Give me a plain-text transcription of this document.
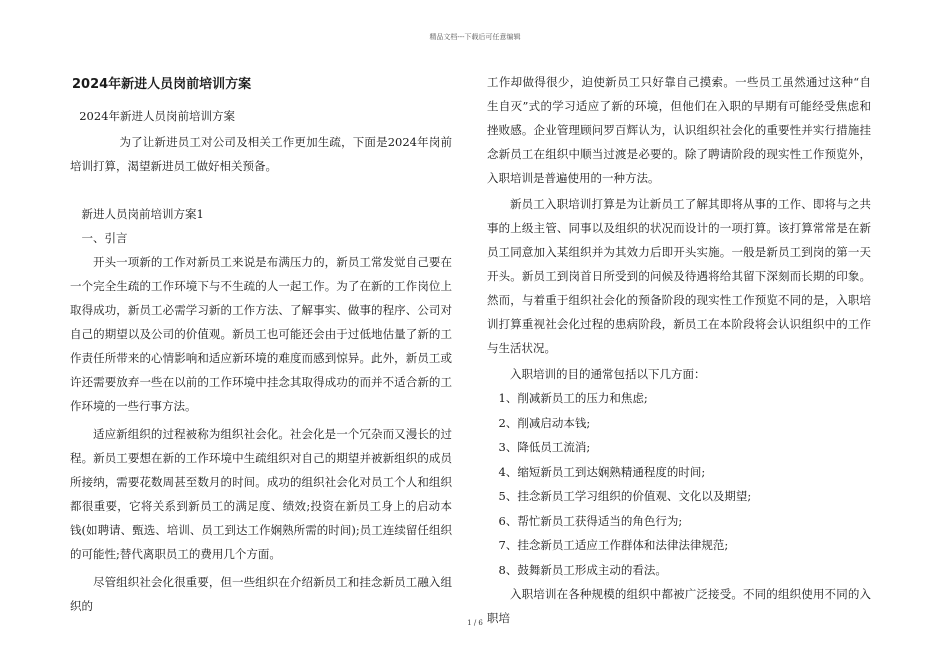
精品文档---下载后可任意编辑
2024年新进人员岗前培训方案

2024年新进人员岗前培训方案

为了让新进员工对公司及相关工作更加生疏，下面是2024年岗前培训打算，渴望新进员工做好相关预备。

新进人员岗前培训方案1

一、引言

开头一项新的工作对新员工来说是布满压力的，新员工常发觉自己要在一个完全生疏的工作环境下与不生疏的人一起工作。为了在新的工作岗位上取得成功，新员工必需学习新的工作方法、了解事实、做事的程序、公司对自己的期望以及公司的价值观。新员工也可能还会由于过低地估量了新的工作责任所带来的心情影响和适应新环境的难度而感到惊异。此外，新员工或许还需要放弃一些在以前的工作环境中挂念其取得成功的而并不适合新的工作环境的一些行事方法。

适应新组织的过程被称为组织社会化。社会化是一个冗杂而又漫长的过程。新员工要想在新的工作环境中生疏组织对自己的期望并被新组织的成员所接纳，需要花数周甚至数月的时间。成功的组织社会化对员工个人和组织都很重要，它将关系到新员工的满足度、绩效;投资在新员工身上的启动本钱(如聘请、甄选、培训、员工到达工作娴熟所需的时间);员工连续留任组织的可能性;替代离职员工的费用几个方面。

尽管组织社会化很重要，但一些组织在介绍新员工和挂念新员工融入组织的

工作却做得很少，迫使新员工只好靠自己摸索。一些员工虽然通过这种“自生自灭”式的学习适应了新的环境，但他们在入职的早期有可能经受焦虑和挫败感。企业管理顾问罗百辉认为，认识组织社会化的重要性并实行措施挂念新员工在组织中顺当过渡是必要的。除了聘请阶段的现实性工作预览外，入职培训是普遍使用的一种方法。

新员工入职培训打算是为让新员工了解其即将从事的工作、即将与之共事的上级主管、同事以及组织的状况而设计的一项打算。该打算常常是在新员工同意加入某组织并为其效力后即开头实施。一般是新员工到岗的第一天开头。新员工到岗首日所受到的问候及待遇将给其留下深刻而长期的印象。然而，与着重于组织社会化的预备阶段的现实性工作预览不同的是，入职培训打算重视社会化过程的患病阶段，新员工在本阶段将会认识组织中的工作与生活状况。

入职培训的目的通常包括以下几方面：

1、削减新员工的压力和焦虑;

2、削减启动本钱;

3、降低员工流消;

4、缩短新员工到达娴熟精通程度的时间;

5、挂念新员工学习组织的价值观、文化以及期望;

6、帮忙新员工获得适当的角色行为;

7、挂念新员工适应工作群体和法律法律规范;

8、鼓舞新员工形成主动的看法。

入职培训在各种规模的组织中都被广泛接受。不同的组织使用不同的入职培

1 / 6
